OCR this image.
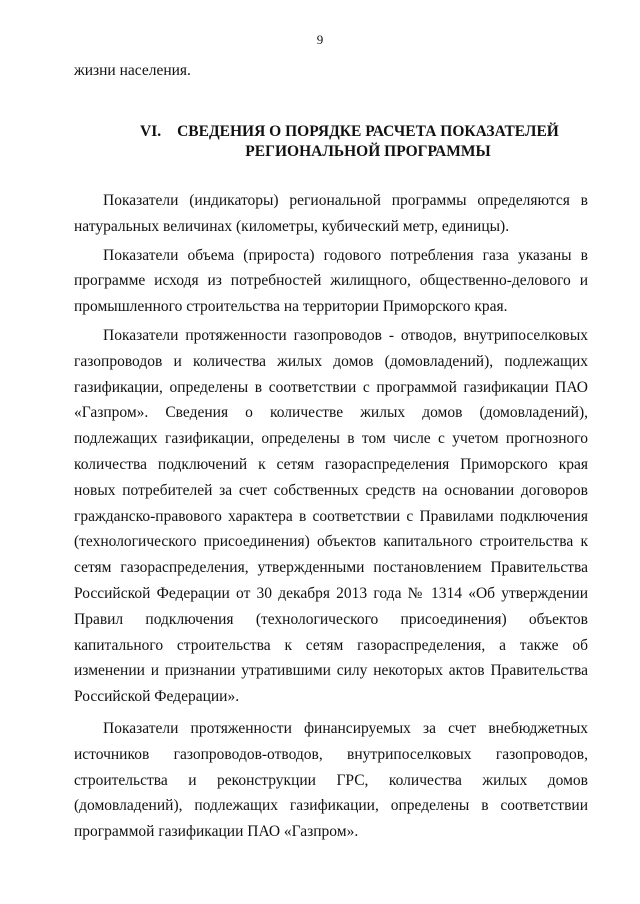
9
жизни населения.
VI. СВЕДЕНИЯ О ПОРЯДКЕ РАСЧЕТА ПОКАЗАТЕЛЕЙ РЕГИОНАЛЬНОЙ ПРОГРАММЫ

Показатели (индикаторы) региональной программы определяются в натуральных величинах (километры, кубический метр, единицы).

Показатели объема (прироста) годового потребления газа указаны в программе исходя из потребностей жилищного, общественно-делового и промышленного строительства на территории Приморского края.

Показатели протяженности газопроводов - отводов, внутрипоселковых газопроводов и количества жилых домов (домовладений), подлежащих газификации, определены в соответствии с программой газификации ПАО «Газпром». Сведения о количестве жилых домов (домовладений), подлежащих газификации, определены в том числе с учетом прогнозного количества подключений к сетям газораспределения Приморского края новых потребителей за счет собственных средств на основании договоров гражданско-правового характера в соответствии с Правилами подключения (технологического присоединения) объектов капитального строительства к сетям газораспределения, утвержденными постановлением Правительства Российской Федерации от 30 декабря 2013 года № 1314 «Об утверждении Правил подключения (технологического присоединения) объектов капитального строительства к сетям газораспределения, а также об изменении и признании утратившими силу некоторых актов Правительства Российской Федерации».

Показатели протяженности финансируемых за счет внебюджетных источников газопроводов-отводов, внутрипоселковых газопроводов, строительства и реконструкции ГРС, количества жилых домов (домовладений), подлежащих газификации, определены в соответствии программой газификации ПАО «Газпром».
